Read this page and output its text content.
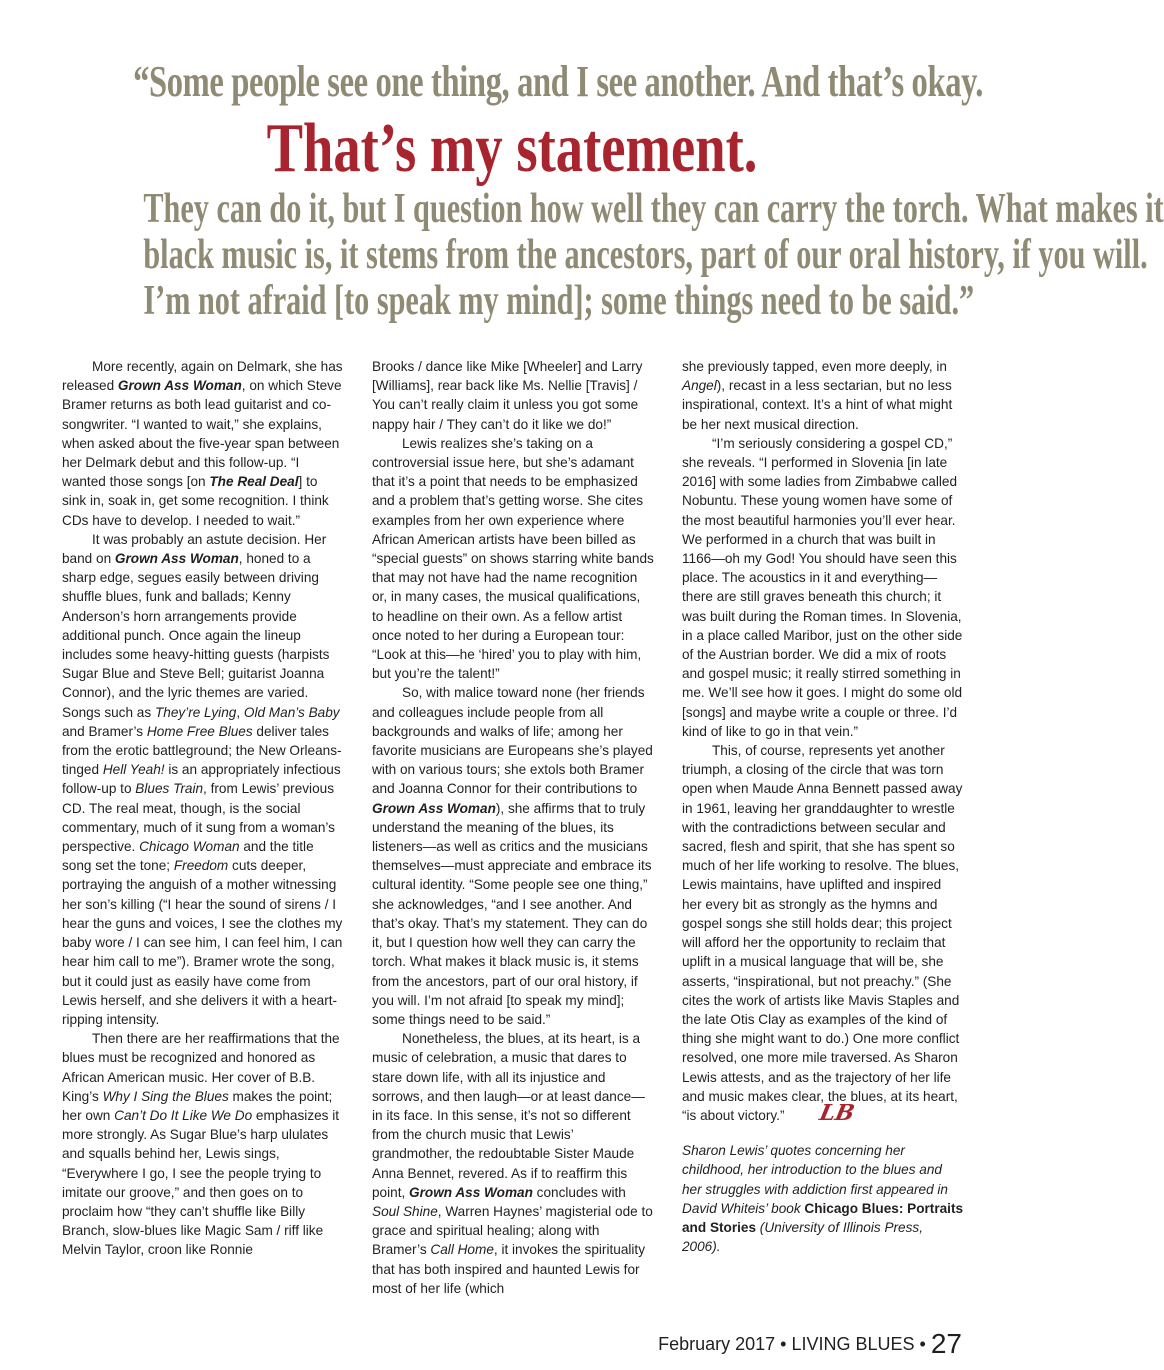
“Some people see one thing, and I see another. And that’s okay.
That’s my statement.
They can do it, but I question how well they can carry the torch. What makes it
black music is, it stems from the ancestors, part of our oral history, if you will.
I’m not afraid [to speak my mind]; some things need to be said.”

More recently, again on Delmark, she has released Grown Ass Woman, on which Steve Bramer returns as both lead guitarist and co-songwriter. “I wanted to wait,” she explains, when asked about the five-year span between her Delmark debut and this follow-up. “I wanted those songs [on The Real Deal] to sink in, soak in, get some recognition. I think CDs have to develop. I needed to wait.”

It was probably an astute decision. Her band on Grown Ass Woman, honed to a sharp edge, segues easily between driving shuffle blues, funk and ballads; Kenny Anderson’s horn arrangements provide additional punch. Once again the lineup includes some heavy-hitting guests (harpists Sugar Blue and Steve Bell; guitarist Joanna Connor), and the lyric themes are varied. Songs such as They’re Lying, Old Man’s Baby and Bramer’s Home Free Blues deliver tales from the erotic battleground; the New Orleans-tinged Hell Yeah! is an appropriately infectious follow-up to Blues Train, from Lewis’ previous CD. The real meat, though, is the social commentary, much of it sung from a woman’s perspective. Chicago Woman and the title song set the tone; Freedom cuts deeper, portraying the anguish of a mother witnessing her son’s killing (“I hear the sound of sirens / I hear the guns and voices, I see the clothes my baby wore / I can see him, I can feel him, I can hear him call to me”). Bramer wrote the song, but it could just as easily have come from Lewis herself, and she delivers it with a heart-ripping intensity.

Then there are her reaffirmations that the blues must be recognized and honored as African American music. Her cover of B.B. King’s Why I Sing the Blues makes the point; her own Can’t Do It Like We Do emphasizes it more strongly. As Sugar Blue’s harp ululates and squalls behind her, Lewis sings, “Everywhere I go, I see the people trying to imitate our groove,” and then goes on to proclaim how “they can’t shuffle like Billy Branch, slow-blues like Magic Sam / riff like Melvin Taylor, croon like Ronnie

Brooks / dance like Mike [Wheeler] and Larry [Williams], rear back like Ms. Nellie [Travis] / You can’t really claim it unless you got some nappy hair / They can’t do it like we do!”

Lewis realizes she’s taking on a controversial issue here, but she’s adamant that it’s a point that needs to be emphasized and a problem that’s getting worse. She cites examples from her own experience where African American artists have been billed as “special guests” on shows starring white bands that may not have had the name recognition or, in many cases, the musical qualifications, to headline on their own. As a fellow artist once noted to her during a European tour: “Look at this—he ‘hired’ you to play with him, but you’re the talent!”

So, with malice toward none (her friends and colleagues include people from all backgrounds and walks of life; among her favorite musicians are Europeans she’s played with on various tours; she extols both Bramer and Joanna Connor for their contributions to Grown Ass Woman), she affirms that to truly understand the meaning of the blues, its listeners—as well as critics and the musicians themselves—must appreciate and embrace its cultural identity. “Some people see one thing,” she acknowledges, “and I see another. And that’s okay. That’s my statement. They can do it, but I question how well they can carry the torch. What makes it black music is, it stems from the ancestors, part of our oral history, if you will. I’m not afraid [to speak my mind]; some things need to be said.”

Nonetheless, the blues, at its heart, is a music of celebration, a music that dares to stare down life, with all its injustice and sorrows, and then laugh—or at least dance—in its face. In this sense, it’s not so different from the church music that Lewis’ grandmother, the redoubtable Sister Maude Anna Bennet, revered. As if to reaffirm this point, Grown Ass Woman concludes with Soul Shine, Warren Haynes’ magisterial ode to grace and spiritual healing; along with Bramer’s Call Home, it invokes the spirituality that has both inspired and haunted Lewis for most of her life (which

she previously tapped, even more deeply, in Angel), recast in a less sectarian, but no less inspirational, context. It’s a hint of what might be her next musical direction.

“I’m seriously considering a gospel CD,” she reveals. “I performed in Slovenia [in late 2016] with some ladies from Zimbabwe called Nobuntu. These young women have some of the most beautiful harmonies you’ll ever hear. We performed in a church that was built in 1166—oh my God! You should have seen this place. The acoustics in it and everything—there are still graves beneath this church; it was built during the Roman times. In Slovenia, in a place called Maribor, just on the other side of the Austrian border. We did a mix of roots and gospel music; it really stirred something in me. We’ll see how it goes. I might do some old [songs] and maybe write a couple or three. I’d kind of like to go in that vein.”

This, of course, represents yet another triumph, a closing of the circle that was torn open when Maude Anna Bennett passed away in 1961, leaving her granddaughter to wrestle with the contradictions between secular and sacred, flesh and spirit, that she has spent so much of her life working to resolve. The blues, Lewis maintains, have uplifted and inspired her every bit as strongly as the hymns and gospel songs she still holds dear; this project will afford her the opportunity to reclaim that uplift in a musical language that will be, she asserts, “inspirational, but not preachy.” (She cites the work of artists like Mavis Staples and the late Otis Clay as examples of the kind of thing she might want to do.) One more conflict resolved, one more mile traversed. As Sharon Lewis attests, and as the trajectory of her life and music makes clear, the blues, at its heart, “is about victory.” LB

Sharon Lewis’ quotes concerning her childhood, her introduction to the blues and her struggles with addiction first appeared in David Whiteis’ book Chicago Blues: Portraits and Stories (University of Illinois Press, 2006).

February 2017 • LIVING BLUES • 27
